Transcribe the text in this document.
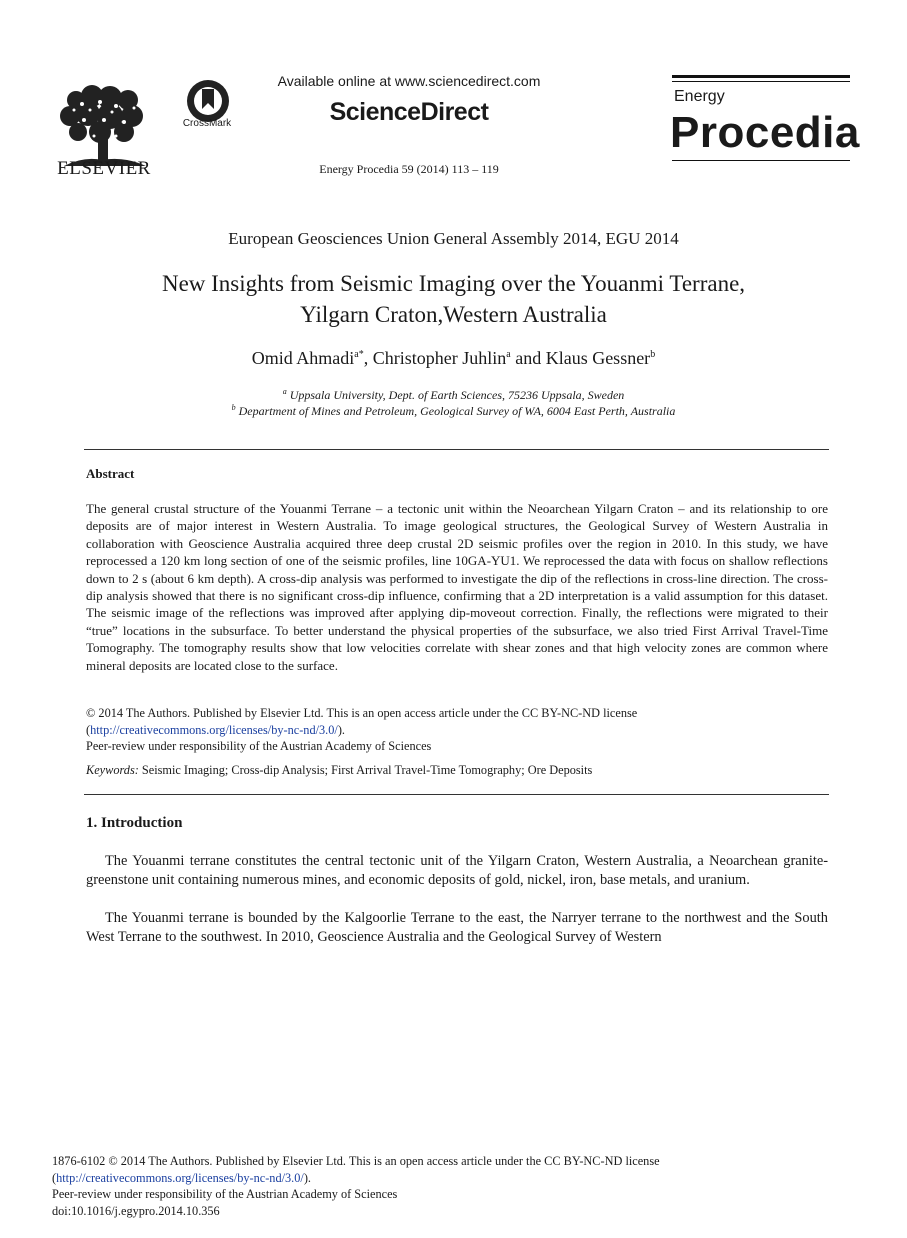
ELSEVIER
CrossMark
Available online at www.sciencedirect.com
ScienceDirect
Energy Procedia 59 (2014) 113 – 119
Energy
Procedia
European Geosciences Union General Assembly 2014, EGU 2014
New Insights from Seismic Imaging over the Youanmi Terrane,
Yilgarn Craton,Western Australia
Omid Ahmadi$^{a*}$, Christopher Juhlin$^a$ and Klaus Gessner$^b$
$^a$ Uppsala University, Dept. of Earth Sciences, 75236 Uppsala, Sweden
$^b$ Department of Mines and Petroleum, Geological Survey of WA, 6004 East Perth, Australia
Abstract
The general crustal structure of the Youanmi Terrane – a tectonic unit within the Neoarchean Yilgarn Craton – and its relationship to ore deposits are of major interest in Western Australia. To image geological structures, the Geological Survey of Western Australia in collaboration with Geoscience Australia acquired three deep crustal 2D seismic profiles over the region in 2010. In this study, we have reprocessed a 120 km long section of one of the seismic profiles, line 10GA-YU1. We reprocessed the data with focus on shallow reflections down to 2 s (about 6 km depth). A cross-dip analysis was performed to investigate the dip of the reflections in cross-line direction. The cross-dip analysis showed that there is no significant cross-dip influence, confirming that a 2D interpretation is a valid assumption for this dataset. The seismic image of the reflections was improved after applying dip-moveout correction. Finally, the reflections were migrated to their “true” locations in the subsurface. To better understand the physical properties of the subsurface, we also tried First Arrival Travel-Time Tomography. The tomography results show that low velocities correlate with shear zones and that high velocity zones are common where mineral deposits are located close to the surface.
© 2014 The Authors. Published by Elsevier Ltd. This is an open access article under the CC BY-NC-ND license
(http://creativecommons.org/licenses/by-nc-nd/3.0/).
Peer-review under responsibility of the Austrian Academy of Sciences
Keywords: Seismic Imaging; Cross-dip Analysis; First Arrival Travel-Time Tomography; Ore Deposits
1. Introduction
The Youanmi terrane constitutes the central tectonic unit of the Yilgarn Craton, Western Australia, a Neoarchean granite-greenstone unit containing numerous mines, and economic deposits of gold, nickel, iron, base metals, and uranium.
The Youanmi terrane is bounded by the Kalgoorlie Terrane to the east, the Narryer terrane to the northwest and the South West Terrane to the southwest. In 2010, Geoscience Australia and the Geological Survey of Western
1876-6102 © 2014 The Authors. Published by Elsevier Ltd. This is an open access article under the CC BY-NC-ND license
(http://creativecommons.org/licenses/by-nc-nd/3.0/).
Peer-review under responsibility of the Austrian Academy of Sciences
doi:10.1016/j.egypro.2014.10.356
